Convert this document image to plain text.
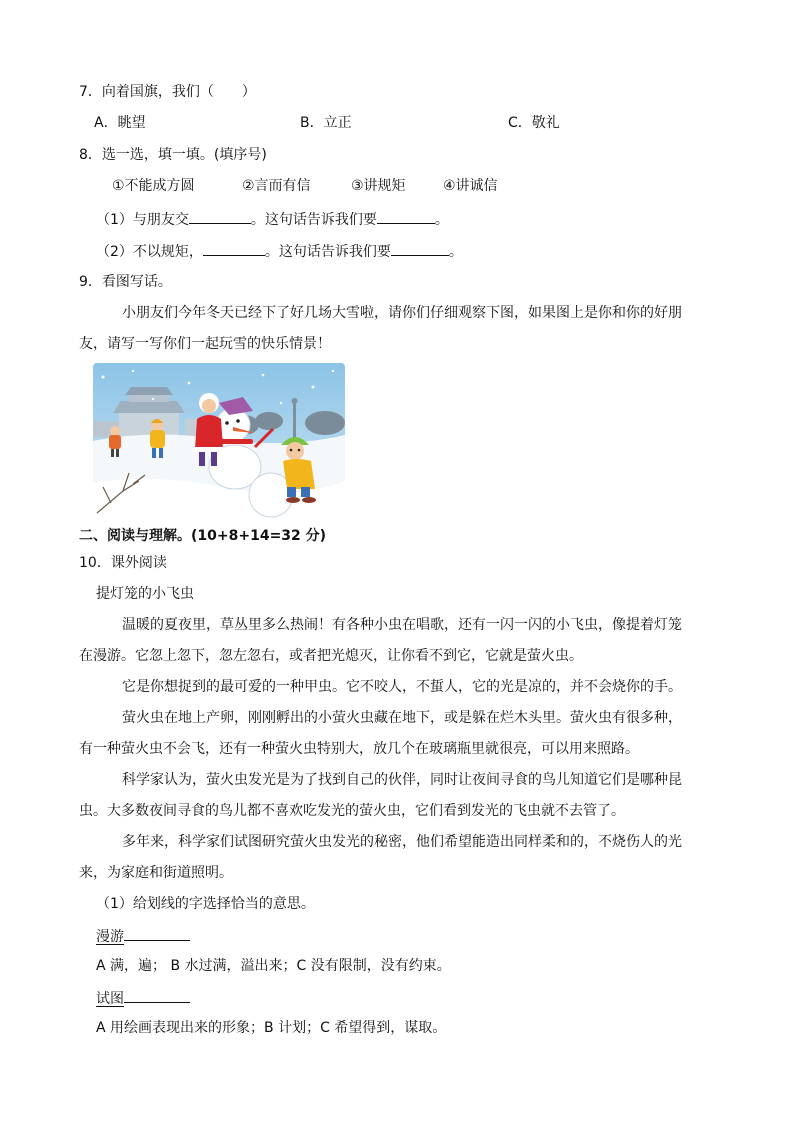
7．向着国旗，我们（　　）
A．眺望	B．立正	C．敬礼
8．选一选，填一填。(填序号)
①不能成方圆	②言而有信	③讲规矩	④讲诚信
（1）与朋友交	。这句话告诉我们要	。
（2）不以规矩，	。这句话告诉我们要	。
9．看图写话。
小朋友们今年冬天已经下了好几场大雪啦，请你们仔细观察下图，如果图上是你和你的好朋
友，请写一写你们一起玩雪的快乐情景！
二、阅读与理解。(10+8+14=32 分)
10．课外阅读
提灯笼的小飞虫
温暖的夏夜里，草丛里多么热闹！有各种小虫在唱歌，还有一闪一闪的小飞虫，像提着灯笼
在漫游。它忽上忽下，忽左忽右，或者把光熄灭，让你看不到它，它就是萤火虫。
它是你想捉到的最可爱的一种甲虫。它不咬人，不蜇人，它的光是凉的，并不会烧你的手。
萤火虫在地上产卵，刚刚孵出的小萤火虫藏在地下，或是躲在烂木头里。萤火虫有很多种，
有一种萤火虫不会飞，还有一种萤火虫特别大，放几个在玻璃瓶里就很亮，可以用来照路。
科学家认为，萤火虫发光是为了找到自己的伙伴，同时让夜间寻食的鸟儿知道它们是哪种昆
虫。大多数夜间寻食的鸟儿都不喜欢吃发光的萤火虫，它们看到发光的飞虫就不去管了。
多年来，科学家们试图研究萤火虫发光的秘密，他们希望能造出同样柔和的，不烧伤人的光
来，为家庭和街道照明。
（1）给划线的字选择恰当的意思。
漫游
A 满，遍； B 水过满，溢出来；C 没有限制，没有约束。
试图
A 用绘画表现出来的形象；B 计划；C 希望得到，谋取。
